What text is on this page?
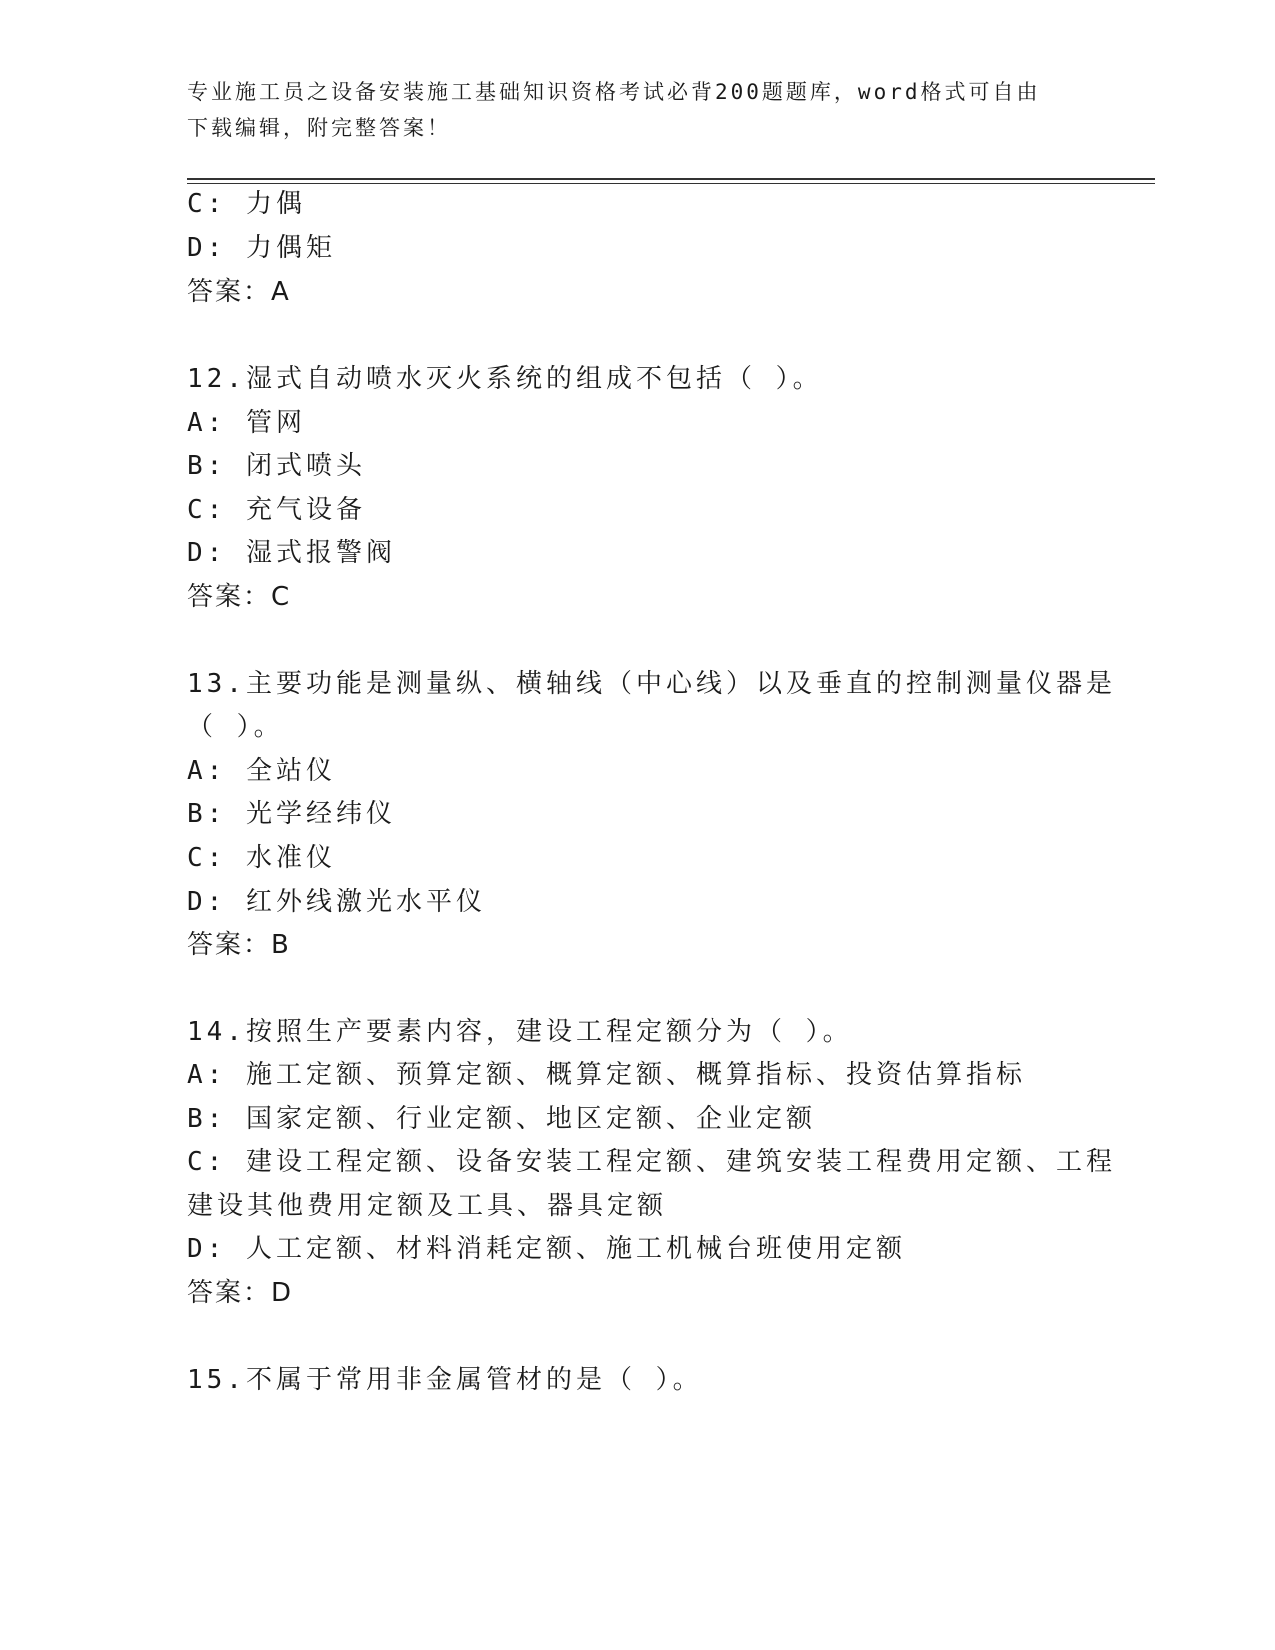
专业施工员之设备安装施工基础知识资格考试必背200题题库，word格式可自由
下载编辑，附完整答案！
C: 力偶
D: 力偶矩
答案：A
12.湿式自动喷水灭火系统的组成不包括（ ）。
A: 管网
B: 闭式喷头
C: 充气设备
D: 湿式报警阀
答案：C
13.主要功能是测量纵、横轴线（中心线）以及垂直的控制测量仪器是
（ ）。
A: 全站仪
B: 光学经纬仪
C: 水准仪
D: 红外线激光水平仪
答案：B
14.按照生产要素内容，建设工程定额分为（ ）。
A: 施工定额、预算定额、概算定额、概算指标、投资估算指标
B: 国家定额、行业定额、地区定额、企业定额
C: 建设工程定额、设备安装工程定额、建筑安装工程费用定额、工程
建设其他费用定额及工具、器具定额
D: 人工定额、材料消耗定额、施工机械台班使用定额
答案：D
15.不属于常用非金属管材的是（ ）。
